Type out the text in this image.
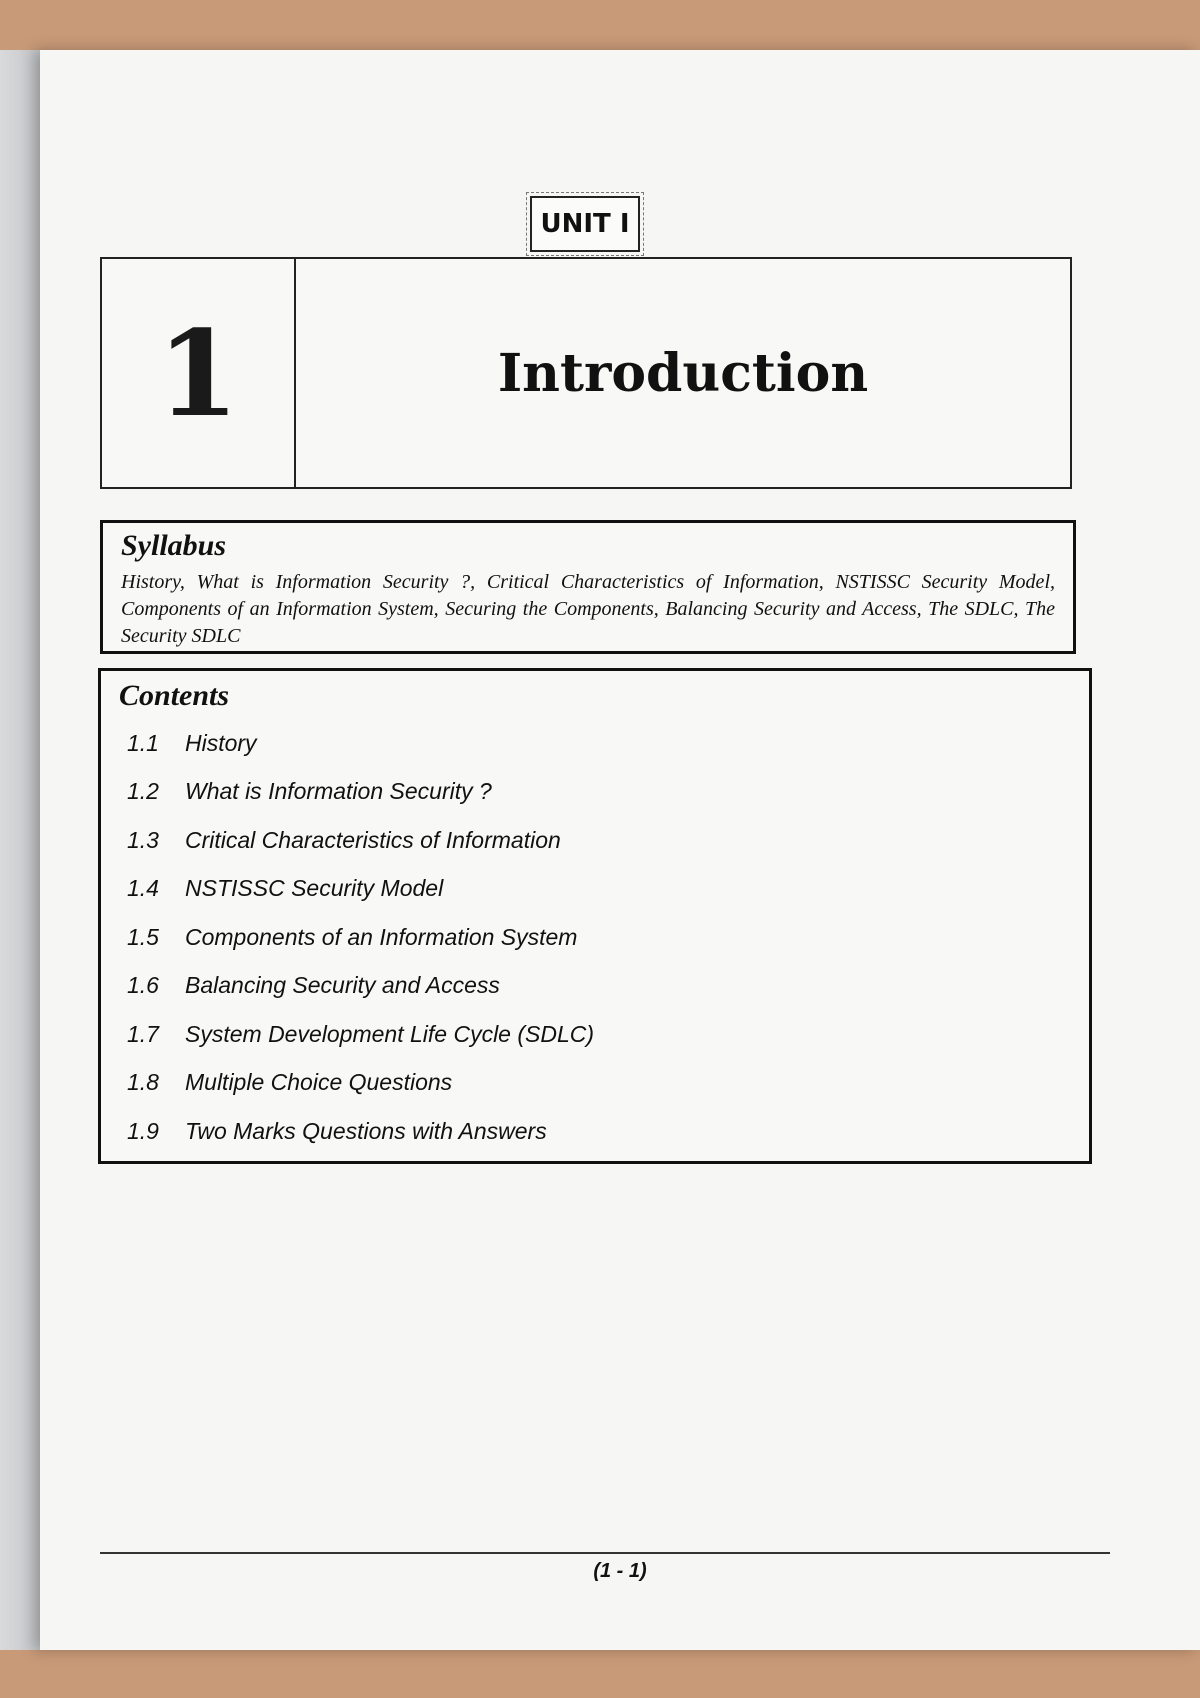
UNIT I
1	Introduction
Syllabus

History, What is Information Security ?, Critical Characteristics of Information, NSTISSC Security Model, Components of an Information System, Securing the Components, Balancing Security and Access, The SDLC, The Security SDLC

Contents
1.1	History
1.2	What is Information Security ?
1.3	Critical Characteristics of Information
1.4	NSTISSC Security Model
1.5	Components of an Information System
1.6	Balancing Security and Access
1.7	System Development Life Cycle (SDLC)
1.8	Multiple Choice Questions
1.9	Two Marks Questions with Answers
(1 - 1)
